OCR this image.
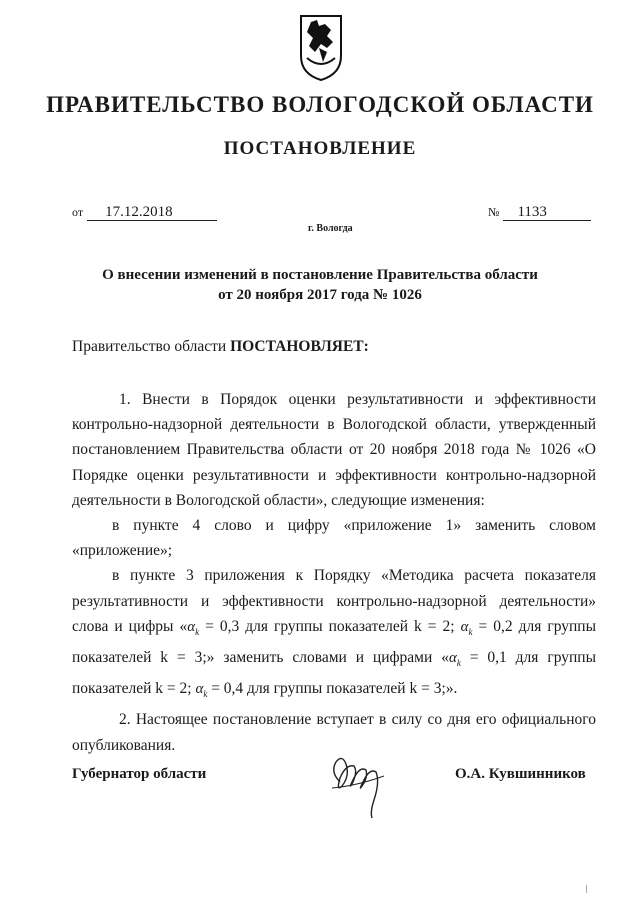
ПРАВИТЕЛЬСТВО ВОЛОГОДСКОЙ ОБЛАСТИ
ПОСТАНОВЛЕНИЕ
от 17.12.2018	№ 1133
г. Вологда
О внесении изменений в постановление Правительства области
от 20 ноября 2017 года № 1026
Правительство области ПОСТАНОВЛЯЕТ:

1. Внести в Порядок оценки результативности и эффективности контрольно-надзорной деятельности в Вологодской области, утвержденный постановлением Правительства области от 20 ноября 2018 года № 1026 «О Порядке оценки результативности и эффективности контрольно-надзорной деятельности в Вологодской области», следующие изменения:

в пункте 4 слово и цифру «приложение 1» заменить словом «приложение»;

в пункте 3 приложения к Порядку «Методика расчета показателя результативности и эффективности контрольно-надзорной деятельности» слова и цифры «$\alpha_k = 0,3$ для группы показателей k = 2; $\alpha_k = 0,2$ для группы показателей k = 3;» заменить словами и цифрами «$\alpha_k = 0,1$ для группы показателей k = 2; $\alpha_k = 0,4$ для группы показателей k = 3;».

2. Настоящее постановление вступает в силу со дня его официального опубликования.

Губернатор области	О.А. Кувшинников
